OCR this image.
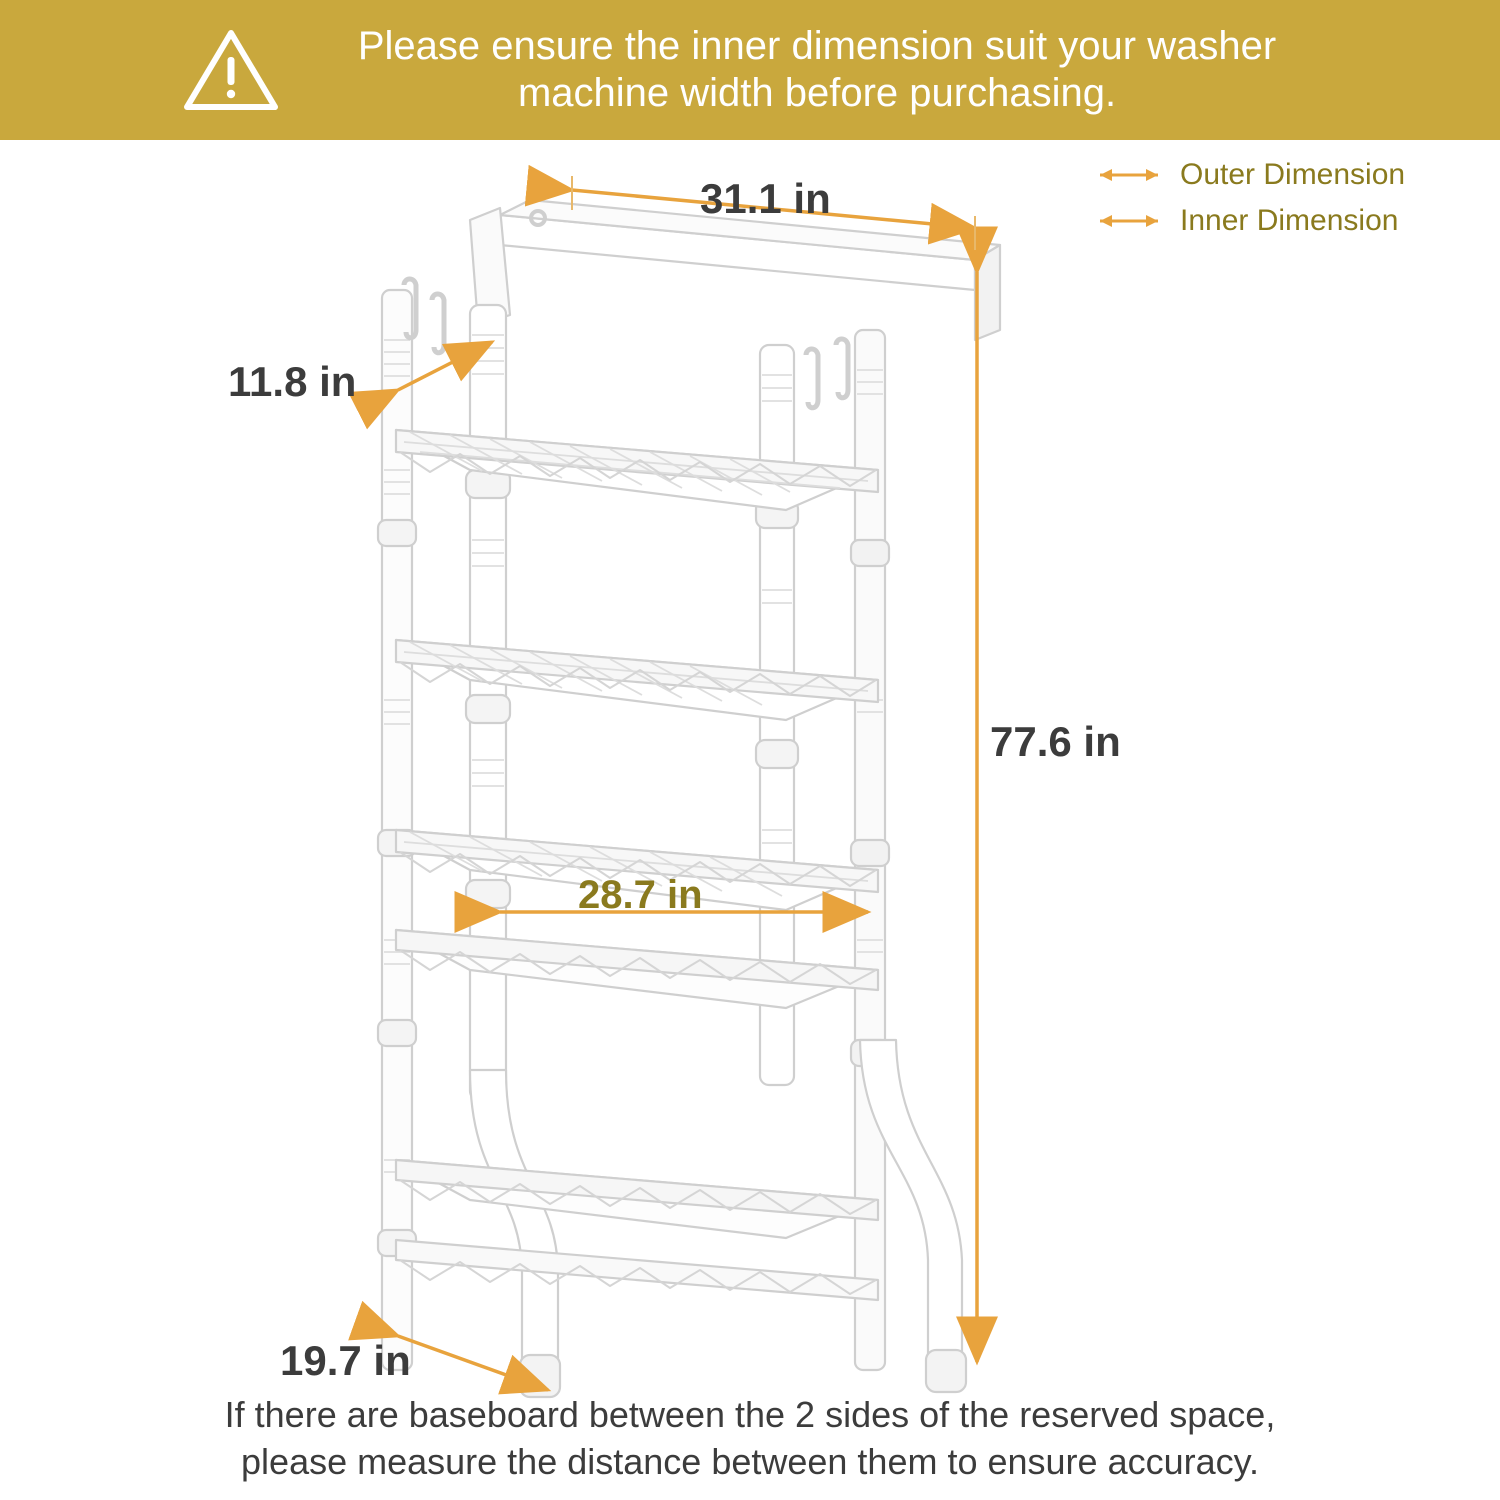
Please ensure the inner dimension suit your washer machine width before purchasing.
Outer Dimension
Inner Dimension
31.1 in
11.8 in
77.6 in
28.7 in
19.7 in
If there are baseboard between the 2 sides of the reserved space,
please measure the distance between them to ensure accuracy.
